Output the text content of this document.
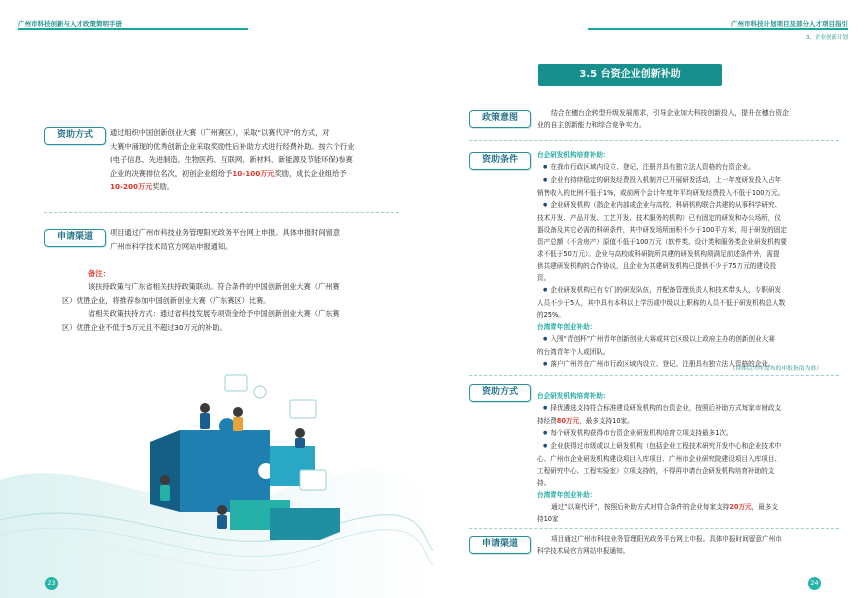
广州市科技创新与人才政策简明手册	广州市科技计划项目及部分人才项目指引
3、企业创新计划
资助方式	通过组织中国创新创业大赛（广州赛区），采取“以赛代评”的方式，对
大赛中涌现的优秀创新企业采取奖励性后补助方式进行经费补助。按六个行业
(电子信息、先进制造、生物医药、互联网、新材料、新能源及节能环保)参赛
企业的决赛排位名次，初创企业组给予10-100万元奖励，成长企业组给予
10-200万元奖励。
申请渠道	项目通过广州市科技业务管理阳光政务平台网上申报。具体申报时间留意
广州市科学技术局官方网站申报通知。
备注：
该扶持政策与广东省相关扶持政策联动。符合条件的中国创新创业大赛（广州赛
区）优胜企业，将推荐参加中国创新创业大赛（广东赛区）比赛。
省相关政策扶持方式：通过省科技发展专项资金给予中国创新创业大赛（广东赛
区）优胜企业不低于5万元且不超过30万元的补助。
23
3.5 台资企业创新补助
政策意图	结合在穗台企转型升级发展需求，引导企业加大科技创新投入，提升在穗台资企
业的自主创新能力和综合竞争实力。
资助条件	台企研发机构培育补助：
● 在我市行政区域内设立、登记、注册并具有独立法人资格的台资企业。
● 企业有持续稳定的研发经费投入机制并已开展研发活动，上一年度研发投入占年
销售收入的比例不低于1%，或前两个会计年度年平均研发经费投入不低于100万元。
● 企业研发机构（指企业内部或企业与高校、科研机构联合共建的从事科学研究、
技术开发、产品开发、工艺开发、技术服务的机构）已有固定的研发和办公场所，仪
器设备及其它必需的科研条件，其中研发场所面积不少于100平方米，用于研发的固定
资产总额（不含房产）原值不低于100万元（软件类、设计类和服务类企业研发机构要
求不低于50万元）。企业与高校或科研院所共建的研发机构须满足前述条件外，需提
供共建研发机构的合作协议，且企业为共建研发机构已提供不少于75万元的建设投
资。
● 企业研发机构已有专门的研发队伍，并配备管理负责人和技术带头人，专职研发
人员不少于5人，其中具有本科以上学历或中级以上职称的人员不低于研发机构总人数
的25%。
台湾青年创业补助：
● 入围“青创杯”广州青年创新创业大赛或其它区级以上政府主办的创新创业大赛
的台湾青年个人或团队。
● 落户广州并在广州市行政区域内设立、登记、注册具有独立法人资格的企业。
（具体以当年发布的申报指南为准）
资助方式	台企研发机构培育补助：
● 择优遴选支持符合标准建设研发机构的台资企业，按照后补助方式每家市财政支
持经费80万元，最多支持10家。
● 每个研发机构获得市台资企业研发机构培育立项支持最多1次。
● 企业获得过市级或以上研发机构（包括企业工程技术研究开发中心和企业技术中
心、广州市企业研发机构建设项目入库项目、广州市企业研究院建设项目入库项目、
工程研究中心、工程实验室）立项支持的，不得再申请台企研发机构培育补助的支
持。
台湾青年创业补助：
通过“以赛代评”，按照后补助方式对符合条件的企业每家支持20万元，最多支
持10家
申请渠道	项目通过广州市科技业务管理阳光政务平台网上申报。具体申报时间留意广州市
科学技术局官方网站申报通知。
24
